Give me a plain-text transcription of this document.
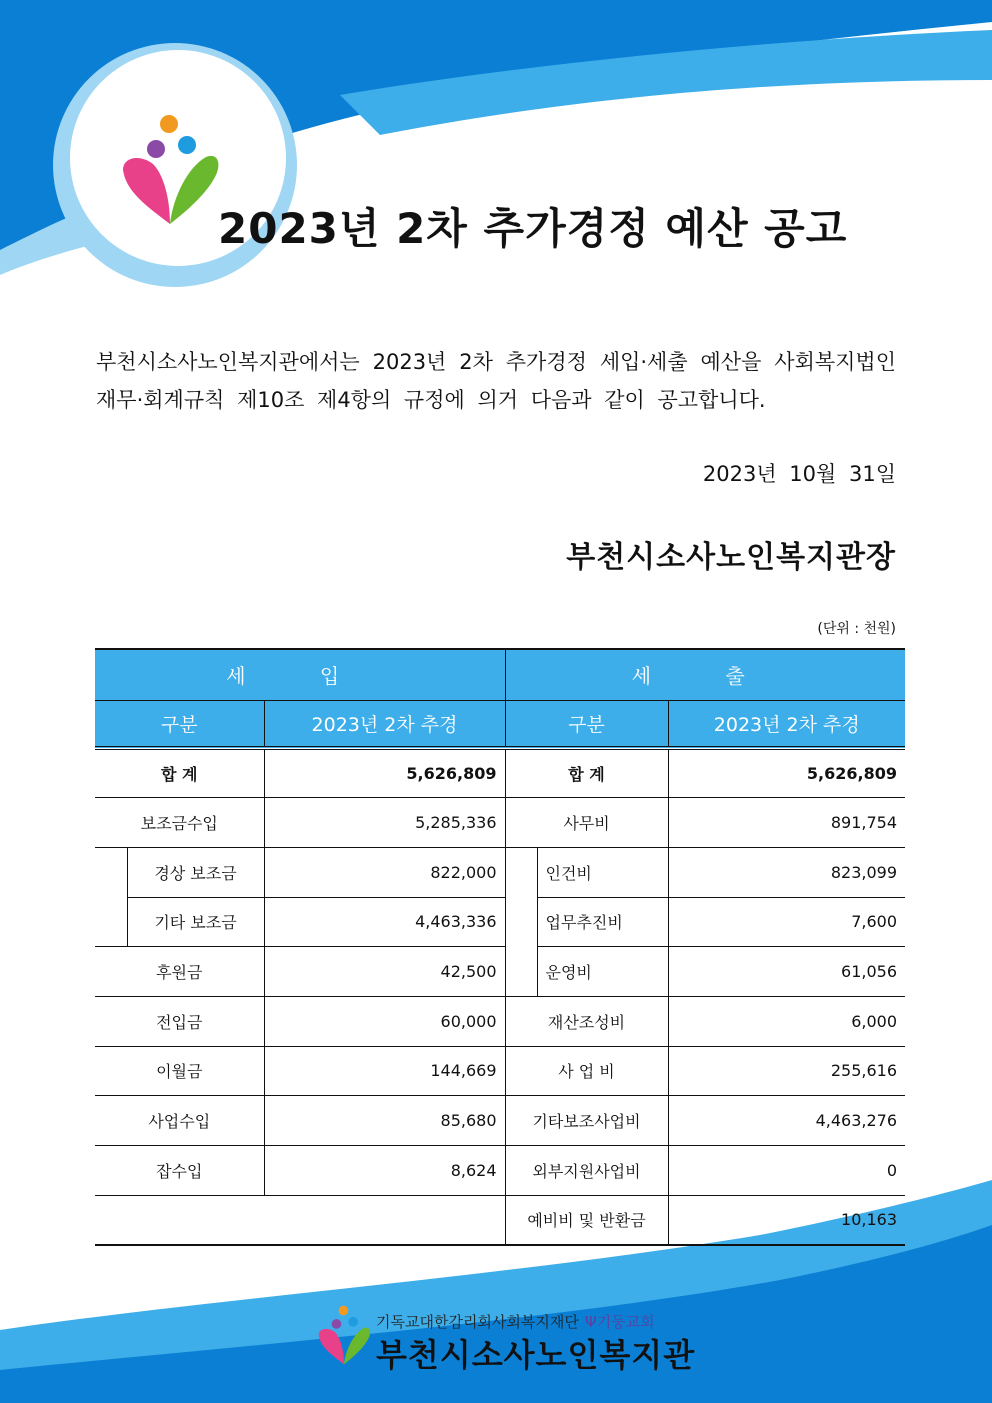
2023년 2차 추가경정 예산 공고
부천시소사노인복지관에서는 2023년 2차 추가경정 세입·세출 예산을 사회복지법인 재무·회계규칙 제10조 제4항의 규정에 의거 다음과 같이 공고합니다.
2023년 10월 31일
부천시소사노인복지관장
(단위 : 천원)
세 입			세 출		
구분		2023년 2차 추경	구분		2023년 2차 추경
합 계		5,626,809	합 계		5,626,809
보조금수입		5,285,336	사무비		891,754
	경상 보조금	822,000		인건비	823,099
	기타 보조금	4,463,336		업무추진비	7,600
후원금		42,500		운영비	61,056
전입금		60,000	재산조성비		6,000
이월금		144,669	사 업 비		255,616
사업수입		85,680	기타보조사업비		4,463,276
잡수입		8,624	외부지원사업비		0
			예비비 및 반환금		10,163
기독교대한감리회사회복지재단 Ψ기둥교회
부천시소사노인복지관
